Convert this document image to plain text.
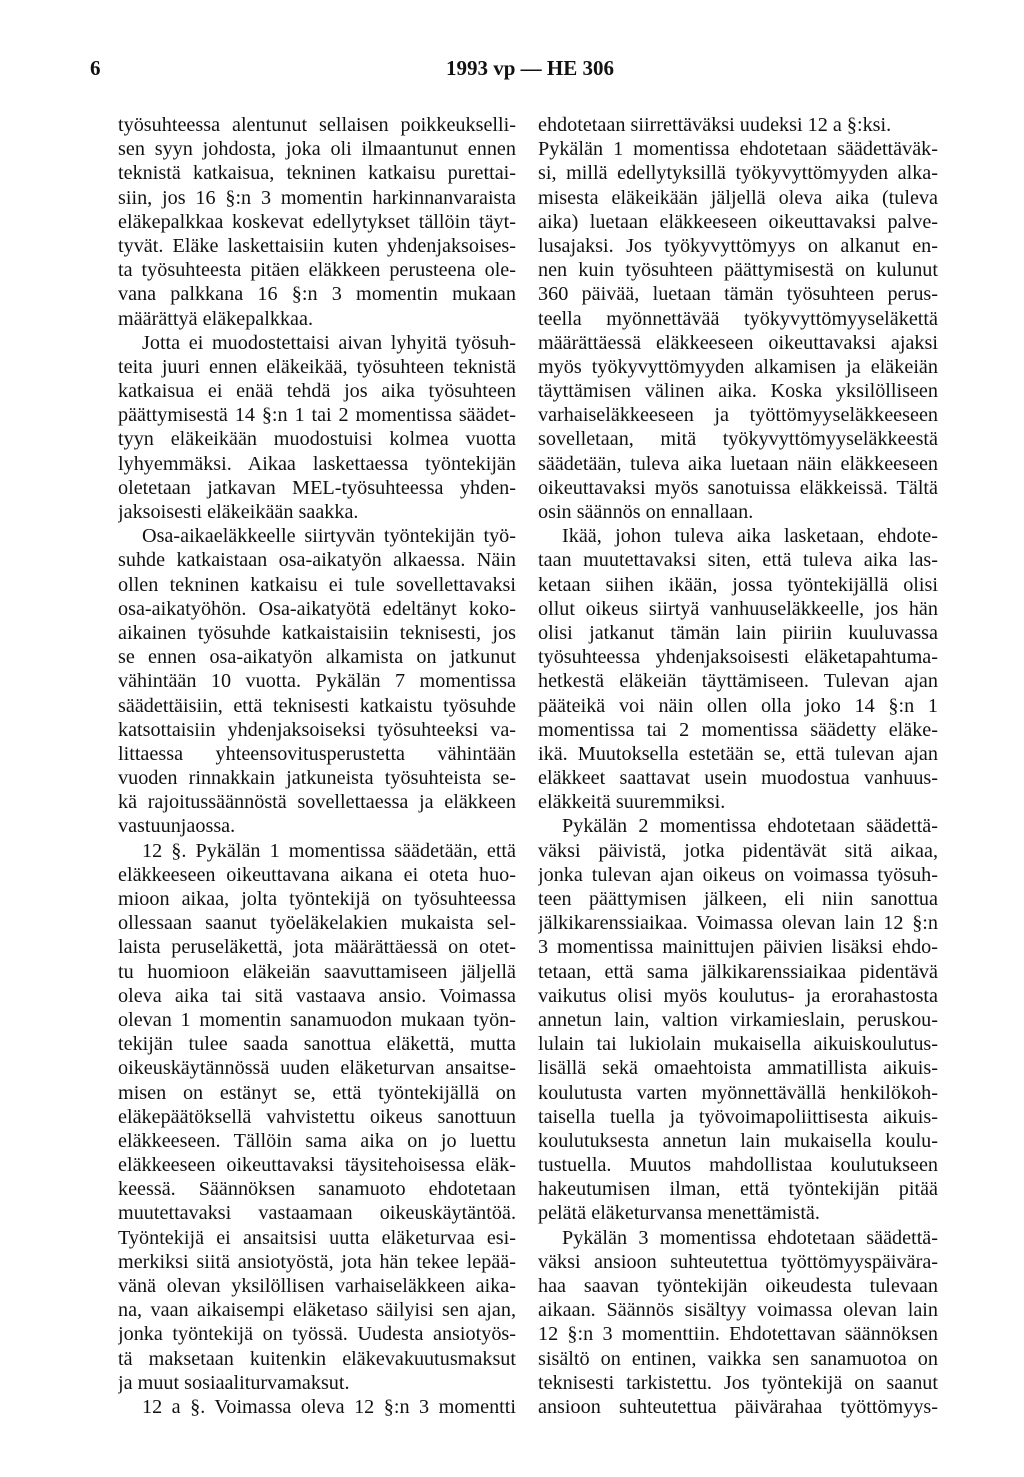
6	1993 vp — HE 306
työsuhteessa alentunut sellaisen poikkeukselli-
sen syyn johdosta, joka oli ilmaantunut ennen
teknistä katkaisua, tekninen katkaisu purettai-
siin, jos 16 §:n 3 momentin harkinnanvaraista
eläkepalkkaa koskevat edellytykset tällöin täyt-
tyvät. Eläke laskettaisiin kuten yhdenjaksoises-
ta työsuhteesta pitäen eläkkeen perusteena ole-
vana palkkana 16 §:n 3 momentin mukaan
määrättyä eläkepalkkaa.
Jotta ei muodostettaisi aivan lyhyitä työsuh-
teita juuri ennen eläkeikää, työsuhteen teknistä
katkaisua ei enää tehdä jos aika työsuhteen
päättymisestä 14 §:n 1 tai 2 momentissa säädet-
tyyn eläkeikään muodostuisi kolmea vuotta
lyhyemmäksi. Aikaa laskettaessa työntekijän
oletetaan jatkavan MEL-työsuhteessa yhden-
jaksoisesti eläkeikään saakka.
Osa-aikaeläkkeelle siirtyvän työntekijän työ-
suhde katkaistaan osa-aikatyön alkaessa. Näin
ollen tekninen katkaisu ei tule sovellettavaksi
osa-aikatyöhön. Osa-aikatyötä edeltänyt koko-
aikainen työsuhde katkaistaisiin teknisesti, jos
se ennen osa-aikatyön alkamista on jatkunut
vähintään 10 vuotta. Pykälän 7 momentissa
säädettäisiin, että teknisesti katkaistu työsuhde
katsottaisiin yhdenjaksoiseksi työsuhteeksi va-
littaessa yhteensovitusperustetta vähintään
vuoden rinnakkain jatkuneista työsuhteista se-
kä rajoitussäännöstä sovellettaessa ja eläkkeen
vastuunjaossa.
12 §. Pykälän 1 momentissa säädetään, että
eläkkeeseen oikeuttavana aikana ei oteta huo-
mioon aikaa, jolta työntekijä on työsuhteessa
ollessaan saanut työeläkelakien mukaista sel-
laista peruseläkettä, jota määrättäessä on otet-
tu huomioon eläkeiän saavuttamiseen jäljellä
oleva aika tai sitä vastaava ansio. Voimassa
olevan 1 momentin sanamuodon mukaan työn-
tekijän tulee saada sanottua eläkettä, mutta
oikeuskäytännössä uuden eläketurvan ansaitse-
misen on estänyt se, että työntekijällä on
eläkepäätöksellä vahvistettu oikeus sanottuun
eläkkeeseen. Tällöin sama aika on jo luettu
eläkkeeseen oikeuttavaksi täysitehoisessa eläk-
keessä. Säännöksen sanamuoto ehdotetaan
muutettavaksi vastaamaan oikeuskäytäntöä.
Työntekijä ei ansaitsisi uutta eläketurvaa esi-
merkiksi siitä ansiotyöstä, jota hän tekee lepää-
vänä olevan yksilöllisen varhaiseläkkeen aika-
na, vaan aikaisempi eläketaso säilyisi sen ajan,
jonka työntekijä on työssä. Uudesta ansiotyös-
tä maksetaan kuitenkin eläkevakuutusmaksut
ja muut sosiaaliturvamaksut.
12 a §. Voimassa oleva 12 §:n 3 momentti
ehdotetaan siirrettäväksi uudeksi 12 a §:ksi.
Pykälän 1 momentissa ehdotetaan säädettäväk-
si, millä edellytyksillä työkyvyttömyyden alka-
misesta eläkeikään jäljellä oleva aika (tuleva
aika) luetaan eläkkeeseen oikeuttavaksi palve-
lusajaksi. Jos työkyvyttömyys on alkanut en-
nen kuin työsuhteen päättymisestä on kulunut
360 päivää, luetaan tämän työsuhteen perus-
teella myönnettävää työkyvyttömyyseläkettä
määrättäessä eläkkeeseen oikeuttavaksi ajaksi
myös työkyvyttömyyden alkamisen ja eläkeiän
täyttämisen välinen aika. Koska yksilölliseen
varhaiseläkkeeseen ja työttömyyseläkkeeseen
sovelletaan, mitä työkyvyttömyyseläkkeestä
säädetään, tuleva aika luetaan näin eläkkeeseen
oikeuttavaksi myös sanotuissa eläkkeissä. Tältä
osin säännös on ennallaan.
Ikää, johon tuleva aika lasketaan, ehdote-
taan muutettavaksi siten, että tuleva aika las-
ketaan siihen ikään, jossa työntekijällä olisi
ollut oikeus siirtyä vanhuuseläkkeelle, jos hän
olisi jatkanut tämän lain piiriin kuuluvassa
työsuhteessa yhdenjaksoisesti eläketapahtuma-
hetkestä eläkeiän täyttämiseen. Tulevan ajan
pääteikä voi näin ollen olla joko 14 §:n 1
momentissa tai 2 momentissa säädetty eläke-
ikä. Muutoksella estetään se, että tulevan ajan
eläkkeet saattavat usein muodostua vanhuus-
eläkkeitä suuremmiksi.
Pykälän 2 momentissa ehdotetaan säädettä-
väksi päivistä, jotka pidentävät sitä aikaa,
jonka tulevan ajan oikeus on voimassa työsuh-
teen päättymisen jälkeen, eli niin sanottua
jälkikarenssiaikaa. Voimassa olevan lain 12 §:n
3 momentissa mainittujen päivien lisäksi ehdo-
tetaan, että sama jälkikarenssiaikaa pidentävä
vaikutus olisi myös koulutus- ja erorahastosta
annetun lain, valtion virkamieslain, peruskou-
lulain tai lukiolain mukaisella aikuiskoulutus-
lisällä sekä omaehtoista ammatillista aikuis-
koulutusta varten myönnettävällä henkilökoh-
taisella tuella ja työvoimapoliittisesta aikuis-
koulutuksesta annetun lain mukaisella koulu-
tustuella. Muutos mahdollistaa koulutukseen
hakeutumisen ilman, että työntekijän pitää
pelätä eläketurvansa menettämistä.
Pykälän 3 momentissa ehdotetaan säädettä-
väksi ansioon suhteutettua työttömyyspäivära-
haa saavan työntekijän oikeudesta tulevaan
aikaan. Säännös sisältyy voimassa olevan lain
12 §:n 3 momenttiin. Ehdotettavan säännöksen
sisältö on entinen, vaikka sen sanamuotoa on
teknisesti tarkistettu. Jos työntekijä on saanut
ansioon suhteutettua päivärahaa työttömyys-
